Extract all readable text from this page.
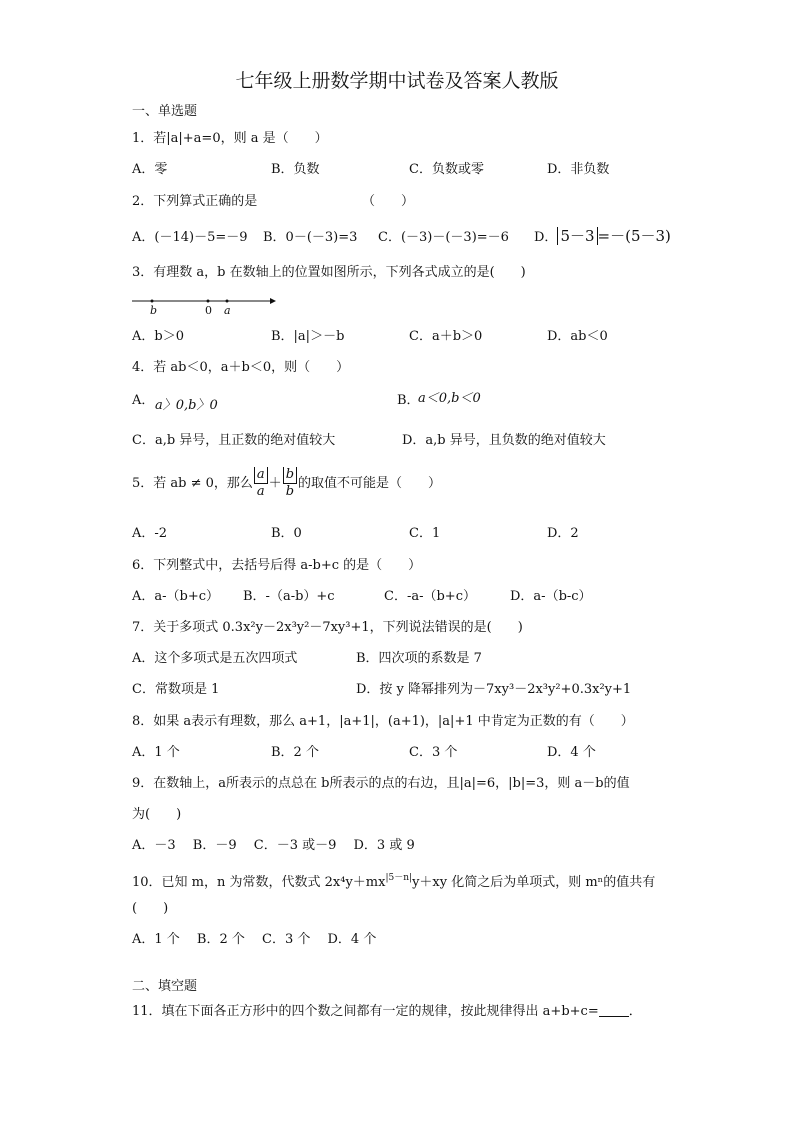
七年级上册数学期中试卷及答案人教版
一、单选题
1．若|a|+a=0，则 a 是（　　）
A．零	B．负数	C．负数或零	D．非负数
2．下列算式正确的是	（　　）
A．(－14)－5=－9 B．0－(－3)=3 C．(－3)－(－3)=－6 D． 5－3 =－(5－3)
3．有理数 a，b 在数轴上的位置如图所示，下列各式成立的是(　　)
b	0 a
A．b＞0	B．|a|＞－b	C．a＋b＞0	D．ab＜0
4．若 ab＜0，a＋b＜0，则（　　）
A． a〉0,b〉0	B．
a＜0,b＜0
C．a,b 异号，且正数的绝对值较大	D．a,b 异号，且负数的绝对值较大
5．若 ab ≠ 0，那么 $\frac{a}{a} + \frac{b}{b}$ 的取值不可能是（　　）
A．-2	B．0	C．1	D．2
6．下列整式中，去括号后得 a-b+c 的是（　　）
A．a-（b+c） B．-（a-b）+c	C．-a-（b+c）	D．a-（b-c）
7．关于多项式 0.3x²y－2x³y²－7xy³+1，下列说法错误的是(　　)
A．这个多项式是五次四项式	B．四次项的系数是 7
C．常数项是 1	D．按 y 降幂排列为－7xy³－2x³y²+0.3x²y+1
8．如果 a表示有理数，那么 a+1，|a+1|，(a+1)，|a|+1 中肯定为正数的有（　　）
A．1 个	B．2 个	C．3 个	D．4 个
9．在数轴上，a所表示的点总在 b所表示的点的右边，且|a|=6，|b|=3，则 a－b的值
为(　　)
A．－3　 B．－9　 C．－3 或－9　 D．3 或 9
10．已知 m，n 为常数，代数式 $2x^4y+mx^{|5-n|}y+xy$ 化简之后为单项式，则 mⁿ的值共有
(　　)
A．1 个　 B．2 个　 C．3 个　 D．4 个
二、填空题
11．填在下面各正方形中的四个数之间都有一定的规律，按此规律得出 a+b+c= ．
